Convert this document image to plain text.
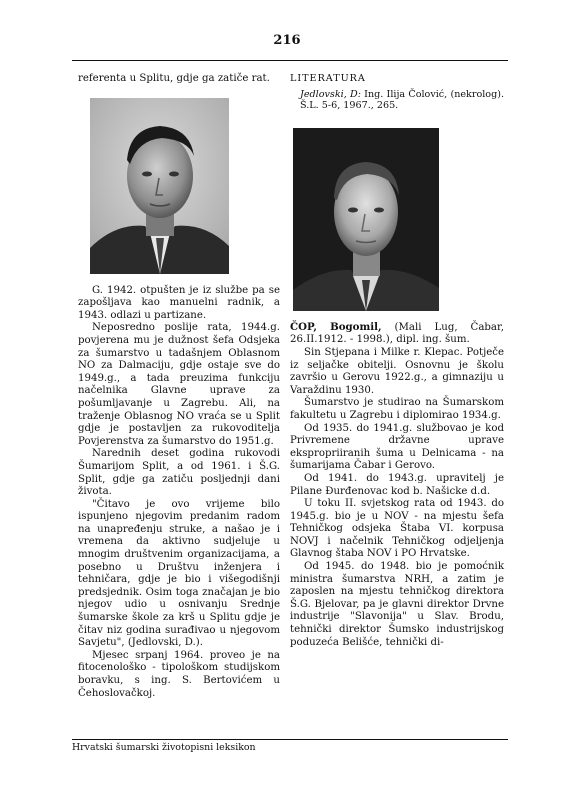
216

referenta u Splitu, gdje ga zatiče rat.

G. 1942. otpušten je iz službe pa se zapošljava kao manuelni radnik, a 1943. odlazi u partizane.

Neposredno poslije rata, 1944.g. povjerena mu je dužnost šefa Odsjeka za šumarstvo u tadašnjem Oblasnom NO za Dalmaciju, gdje ostaje sve do 1949.g., a tada preuzima funkciju načelnika Glavne uprave za pošumljavanje u Zagrebu. Ali, na traženje Oblasnog NO vraća se u Split gdje je postavljen za rukovoditelja Povjerenstva za šumarstvo do 1951.g.

Narednih deset godina rukovodi Šumarijom Split, a od 1961. i Š.G. Split, gdje ga zatiču posljednji dani života.

"Čitavo je ovo vrijeme bilo ispunjeno njegovim predanim radom na unapređenju struke, a našao je i vremena da aktivno sudjeluje u mnogim društvenim organizacijama, a posebno u Društvu inženjera i tehničara, gdje je bio i višegodišnji predsjednik. Osim toga značajan je bio njegov udio u osnivanju Srednje šumarske škole za krš u Splitu gdje je čitav niz godina surađivao u njegovom Savjetu", (Jedlovski, D.).

Mjesec srpanj 1964. proveo je na fitocenološko - tipološkom studijskom boravku, s ing. S. Bertovićem u Čehoslovačkoj.

LITERATURA

Jedlovski, D: Ing. Ilija Čolović, (nekrolog). Š.L. 5-6, 1967., 265.

ČOP, Bogomil, (Mali Lug, Čabar, 26.II.1912. - 1998.), dipl. ing. šum.

Sin Stjepana i Milke r. Klepac. Potječe iz seljačke obitelji. Osnovnu je školu završio u Gerovu 1922.g., a gimnaziju u Varaždinu 1930.

Šumarstvo je studirao na Šumarskom fakultetu u Zagrebu i diplomirao 1934.g.

Od 1935. do 1941.g. službovao je kod Privremene državne uprave ekspropriiranih šuma u Delnicama - na šumarijama Čabar i Gerovo.

Od 1941. do 1943.g. upravitelj je Pilane Đurđenovac kod b. Našicke d.d.

U toku II. svjetskog rata od 1943. do 1945.g. bio je u NOV - na mjestu šefa Tehničkog odsjeka Štaba VI. korpusa NOVJ i načelnik Tehničkog odjeljenja Glavnog štaba NOV i PO Hrvatske.

Od 1945. do 1948. bio je pomoćnik ministra šumarstva NRH, a zatim je zaposlen na mjestu tehničkog direktora Š.G. Bjelovar, pa je glavni direktor Drvne industrije "Slavonija" u Slav. Brodu, tehnički direktor Šumsko industrijskog poduzeća Belišće, tehnički di-

Hrvatski šumarski životopisni leksikon
